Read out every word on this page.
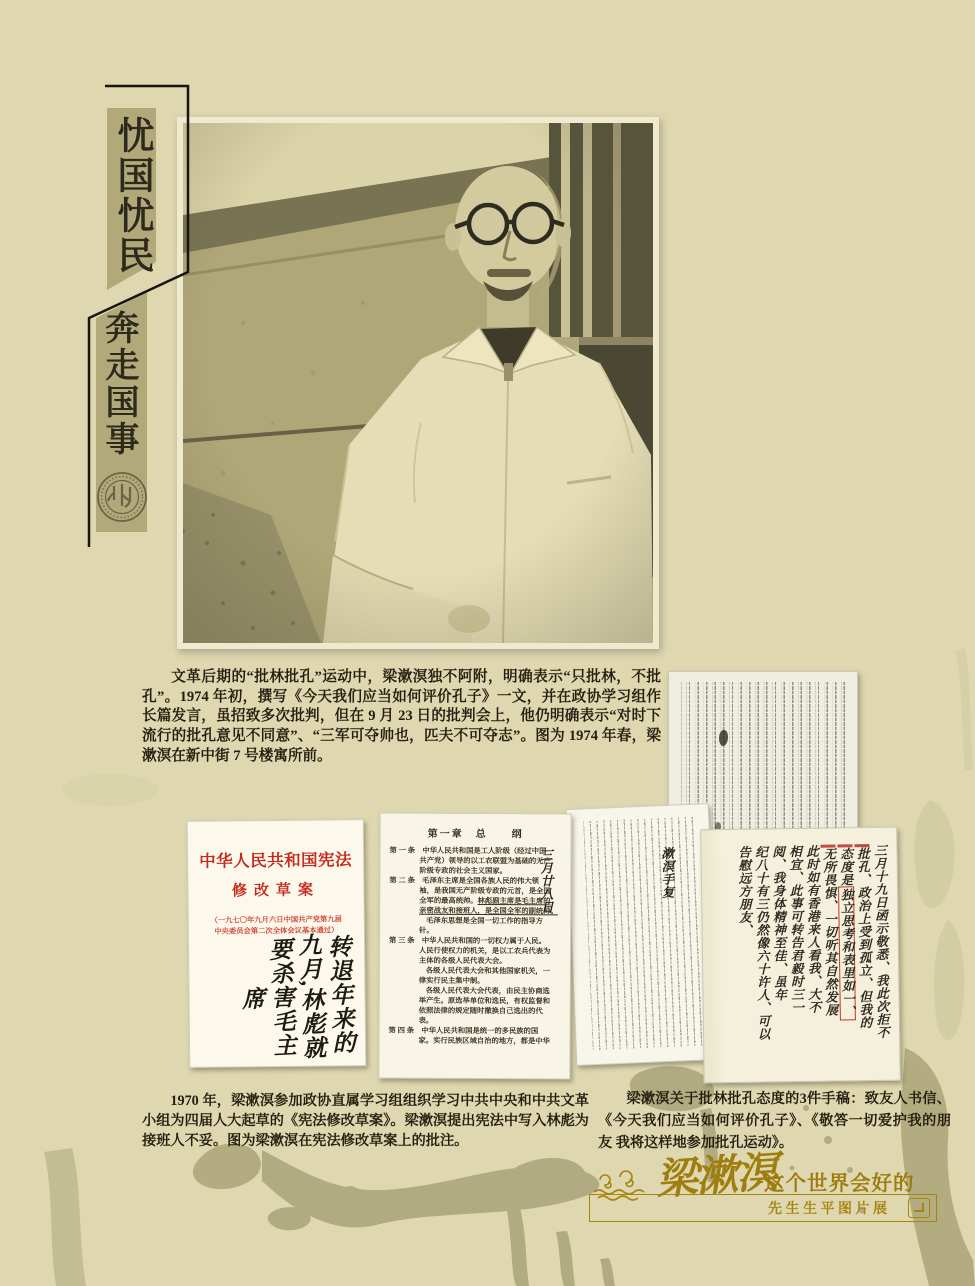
忧国忧民
奔走国事
文革后期的“批林批孔”运动中，梁漱溟独不阿附，明确表示“只批林，不批孔”。1974 年初，撰写《今天我们应当如何评价孔子》一文，并在政协学习组作长篇发言，虽招致多次批判，但在 9 月 23 日的批判会上，他仍明确表示“对时下流行的批孔意见不同意”、“三军可夺帅也，匹夫不可夺志”。图为 1974 年春，梁漱溟在新中街 7 号楼寓所前。
中华人民共和国宪法
修改草案
（一九七〇年九月六日中国共产党第九届
中央委员会第二次全体会议基本通过）
转退年来的
九月,林彪就
要杀害毛主
席
第一章　总　　纲
第 一 条　中华人民共和国是工人阶级（经过中国
共产党）领导的以工农联盟为基础的无产
阶级专政的社会主义国家。
第 二 条　毛泽东主席是全国各族人民的伟大领
袖，是我国无产阶级专政的元首，是全国
全军的最高统帅。林彪副主席是毛主席的
亲密战友和接班人，是全国全军的副统帅。
毛泽东思想是全国一切工作的指导方
针。
第 三 条　中华人民共和国的一切权力属于人民。
人民行使权力的机关，是以工农兵代表为
主体的各级人民代表大会。
各级人民代表大会和其他国家机关，一
律实行民主集中制。
各级人民代表大会代表，由民主协商选
举产生。原选举单位和选民，有权监督和
依照法律的规定随时撤换自己选出的代
表。
第 四 条　中华人民共和国是统一的多民族的国
家。实行民族区域自治的地方，都是中华
三月十九日函示敬悉、我此次拒不
批孔、政治上受到孤立、但我的
态度是独立思考和表里如一、
无所畏惧、一切听其自然发展
此时如有香港来人看我、大不
相宜、此事可转告君毅时三一
阅、我身体精神至佳、虽年
纪八十有三仍然像六十许人、可以
告慰远方朋友、
漱溟手复
三月廿八日
1970 年，梁漱溟参加政协直属学习组组织学习中共中央和中共文革小组为四届人大起草的《宪法修改草案》。梁漱溟提出宪法中写入林彪为接班人不妥。图为梁漱溟在宪法修改草案上的批注。
梁漱溟关于批林批孔态度的3件手稿：致友人书信、《今天我们应当如何评价孔子》、《敬答一切爱护我的朋友 我将这样地参加批孔运动》。
梁漱溟
这个世界会好的
先生生平图片展
